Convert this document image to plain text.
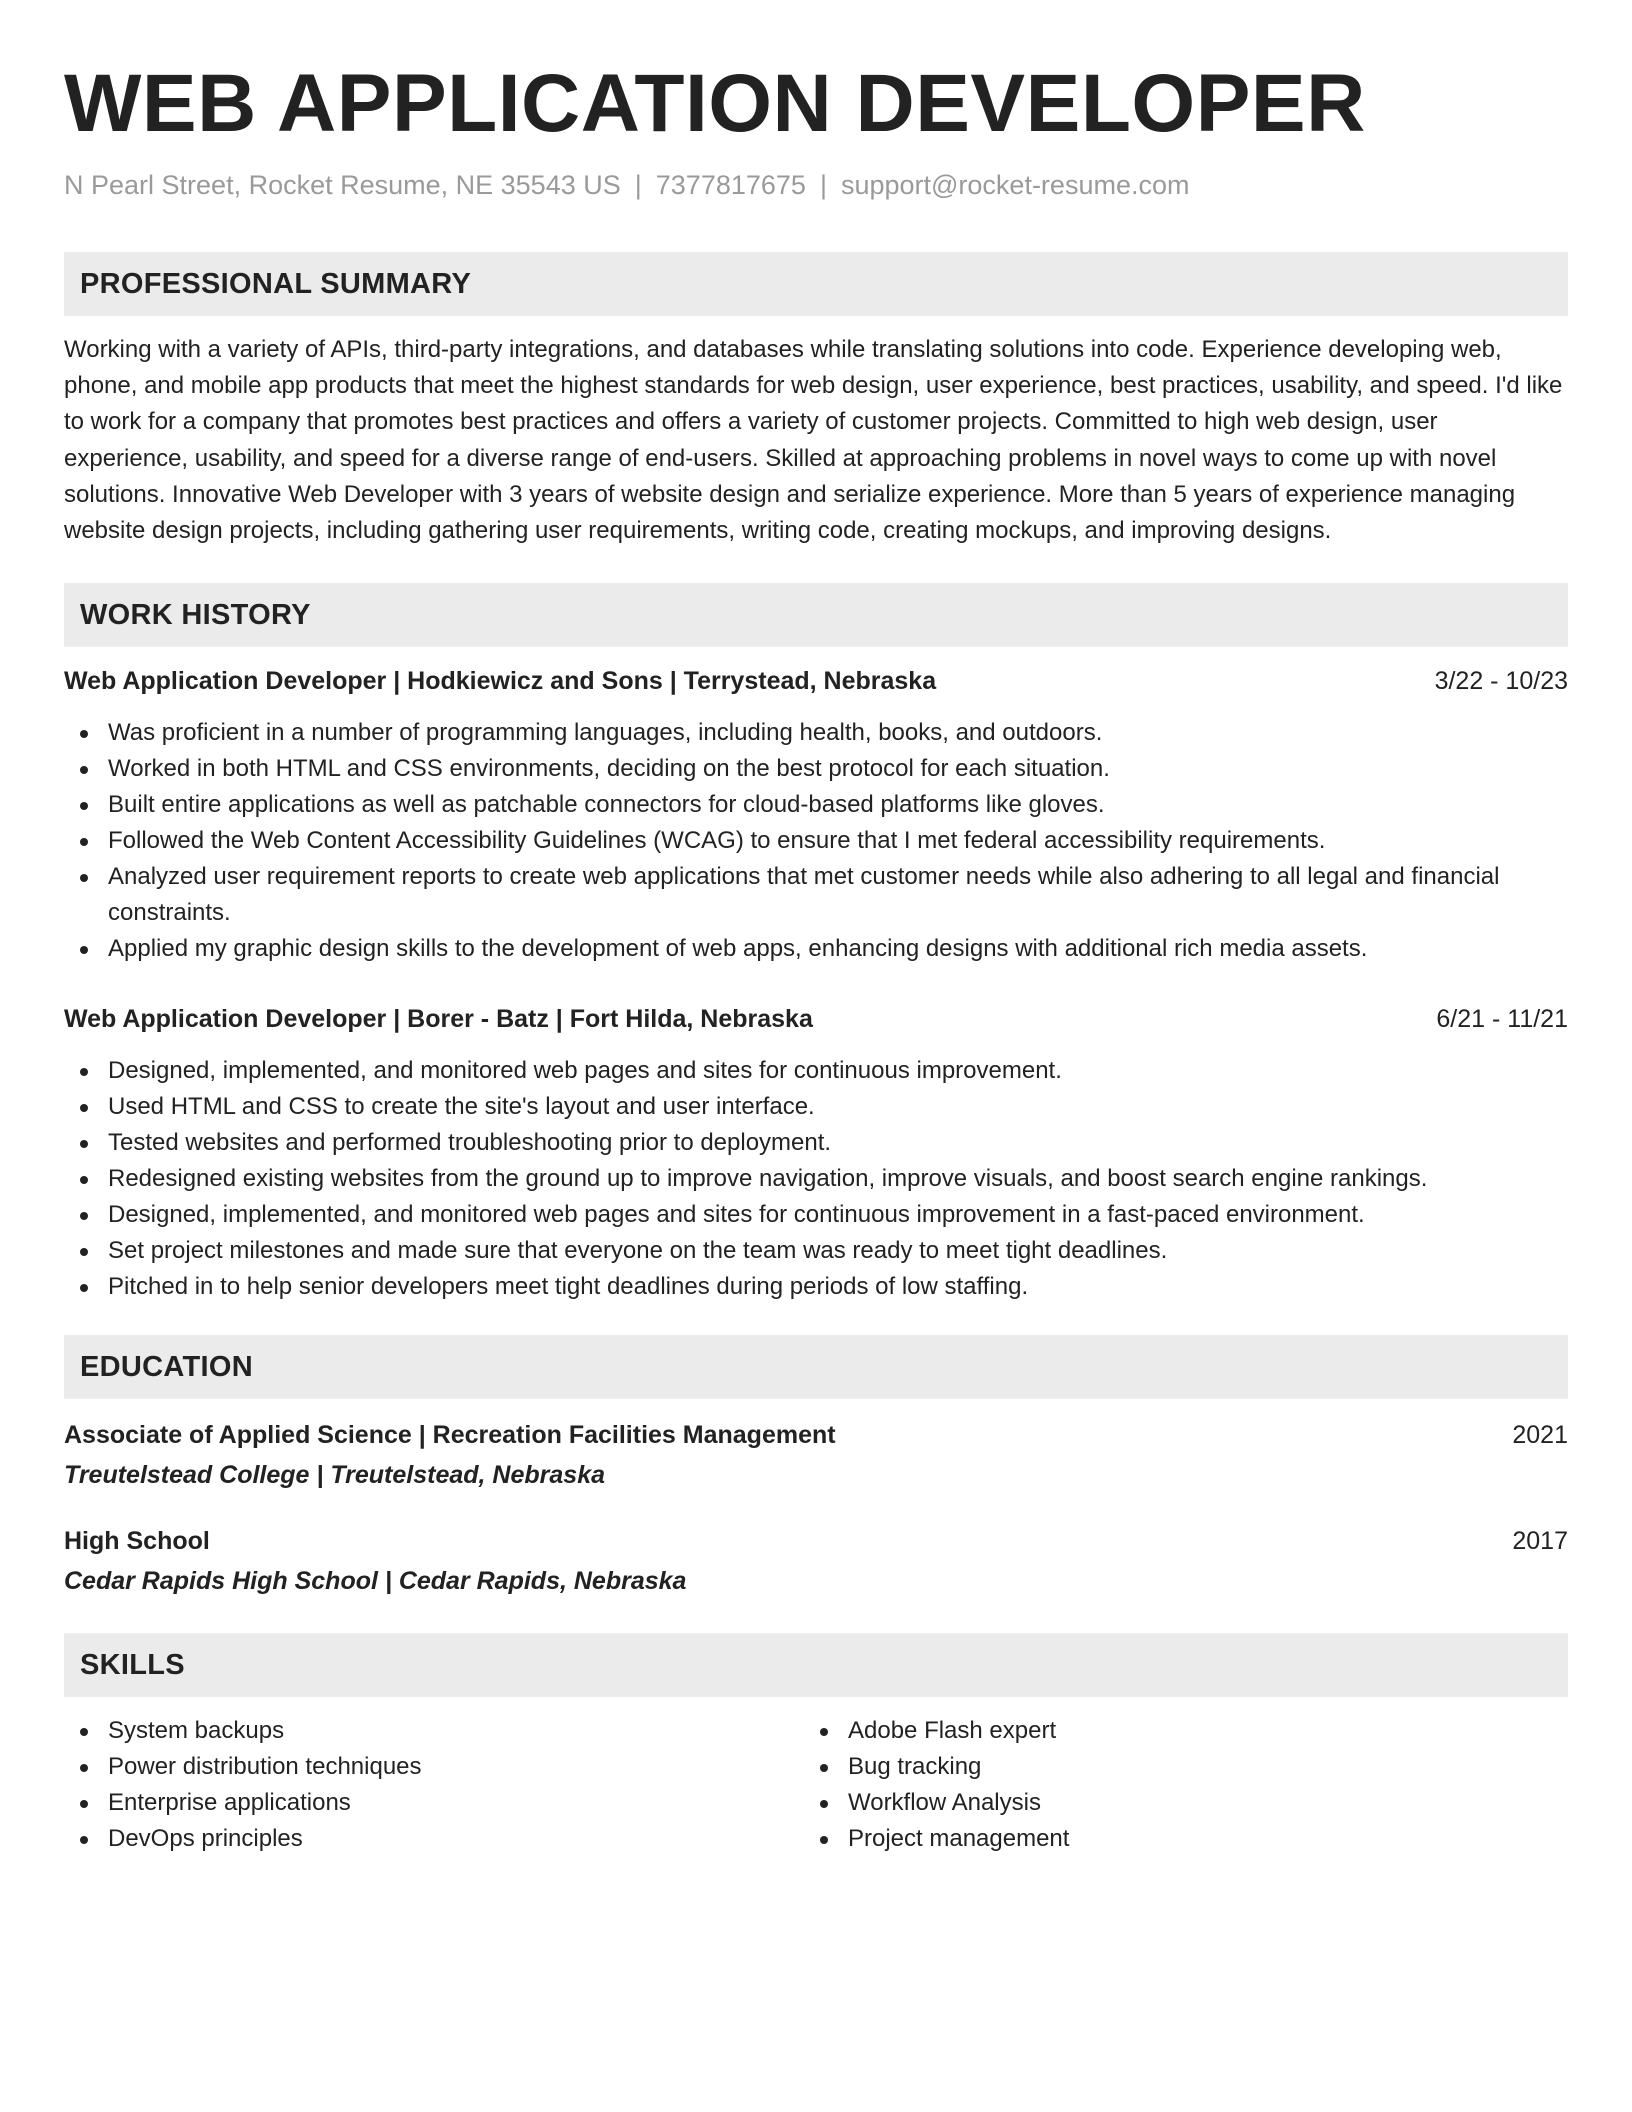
WEB APPLICATION DEVELOPER
N Pearl Street, Rocket Resume, NE 35543 US | 7377817675 | support@rocket-resume.com
PROFESSIONAL SUMMARY

Working with a variety of APIs, third-party integrations, and databases while translating solutions into code. Experience developing web, phone, and mobile app products that meet the highest standards for web design, user experience, best practices, usability, and speed. I'd like to work for a company that promotes best practices and offers a variety of customer projects. Committed to high web design, user experience, usability, and speed for a diverse range of end-users. Skilled at approaching problems in novel ways to come up with novel solutions. Innovative Web Developer with 3 years of website design and serialize experience. More than 5 years of experience managing website design projects, including gathering user requirements, writing code, creating mockups, and improving designs.

WORK HISTORY
Web Application Developer | Hodkiewicz and Sons | Terrystead, Nebraska	3/22 - 10/23
Was proficient in a number of programming languages, including health, books, and outdoors.
Worked in both HTML and CSS environments, deciding on the best protocol for each situation.
Built entire applications as well as patchable connectors for cloud-based platforms like gloves.
Followed the Web Content Accessibility Guidelines (WCAG) to ensure that I met federal accessibility requirements.
Analyzed user requirement reports to create web applications that met customer needs while also adhering to all legal and financial constraints.
Applied my graphic design skills to the development of web apps, enhancing designs with additional rich media assets.
Web Application Developer | Borer - Batz | Fort Hilda, Nebraska	6/21 - 11/21
Designed, implemented, and monitored web pages and sites for continuous improvement.
Used HTML and CSS to create the site's layout and user interface.
Tested websites and performed troubleshooting prior to deployment.
Redesigned existing websites from the ground up to improve navigation, improve visuals, and boost search engine rankings.
Designed, implemented, and monitored web pages and sites for continuous improvement in a fast-paced environment.
Set project milestones and made sure that everyone on the team was ready to meet tight deadlines.
Pitched in to help senior developers meet tight deadlines during periods of low staffing.
EDUCATION
Associate of Applied Science | Recreation Facilities Management	2021
Treutelstead College | Treutelstead, Nebraska
High School	2017
Cedar Rapids High School | Cedar Rapids, Nebraska
SKILLS
System backups
Power distribution techniques
Enterprise applications
DevOps principles
Adobe Flash expert
Bug tracking
Workflow Analysis
Project management
